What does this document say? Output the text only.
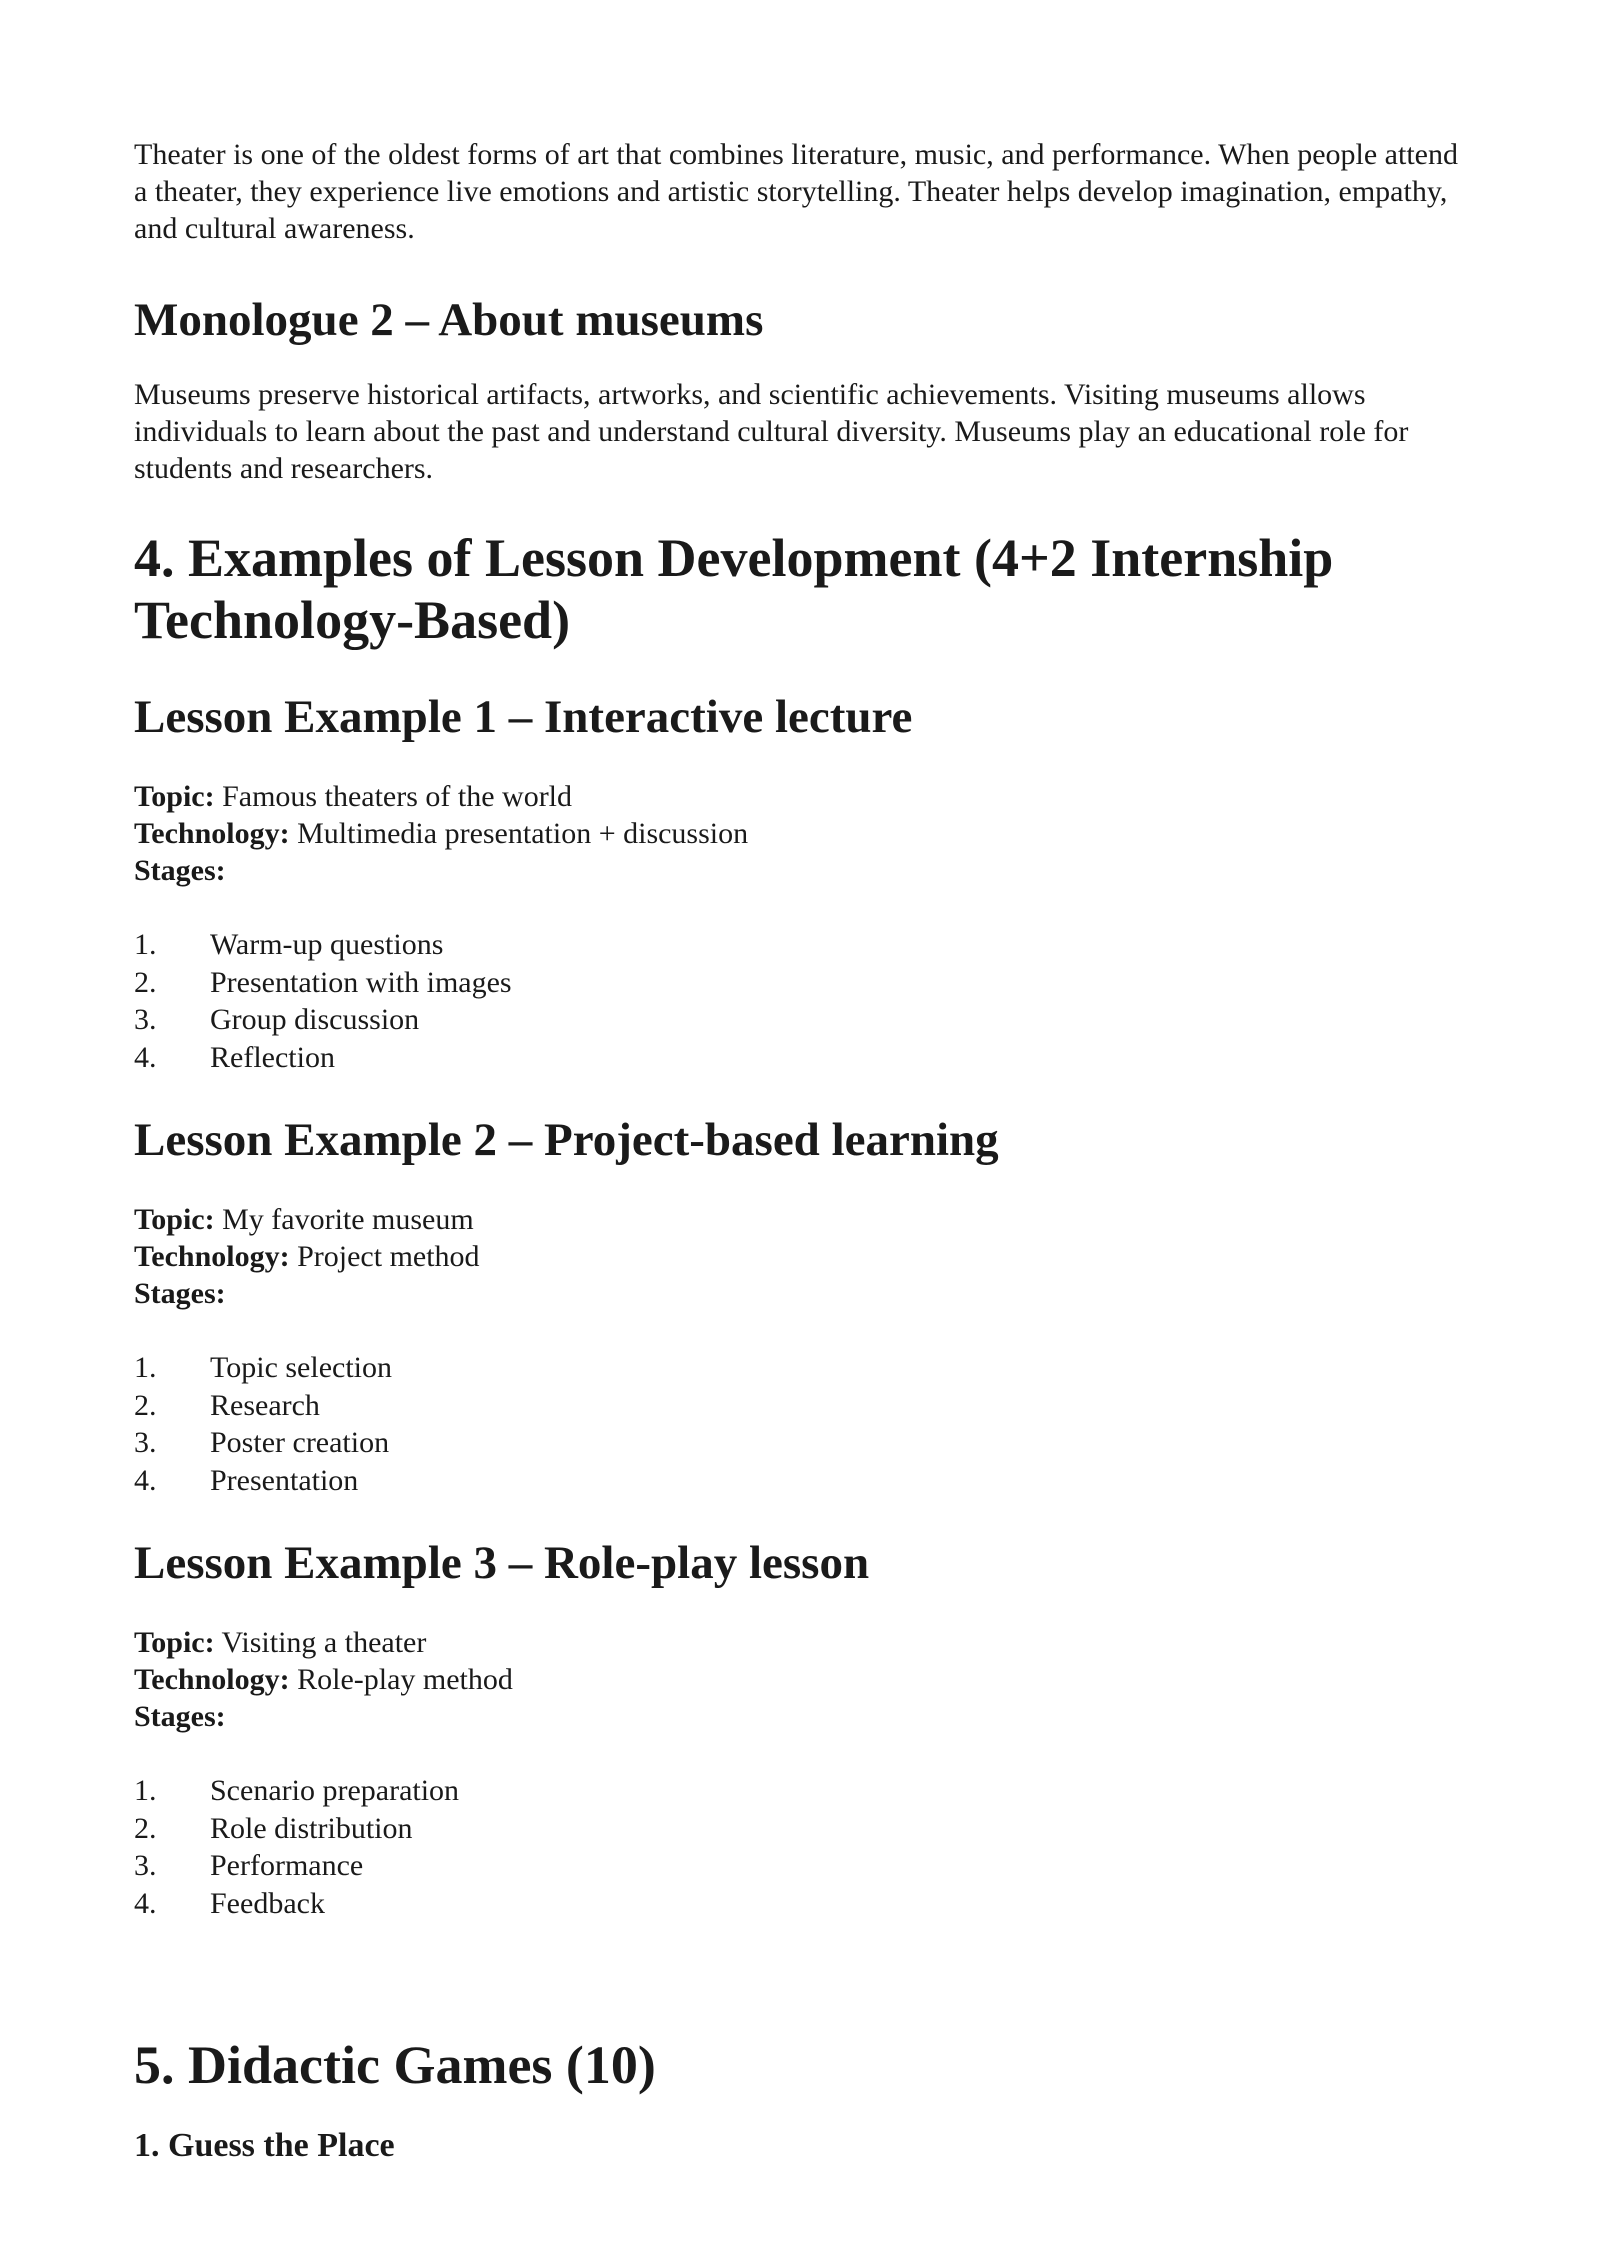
Theater is one of the oldest forms of art that combines literature, music, and performance. When people attend a theater, they experience live emotions and artistic storytelling. Theater helps develop imagination, empathy, and cultural awareness.

Monologue 2 – About museums

Museums preserve historical artifacts, artworks, and scientific achievements. Visiting museums allows individuals to learn about the past and understand cultural diversity. Museums play an educational role for students and researchers.

4. Examples of Lesson Development (4+2 Internship Technology-Based)
Lesson Example 1 – Interactive lecture

Topic: Famous theaters of the world

Technology: Multimedia presentation + discussion

Stages:

1.	Warm-up questions
2.	Presentation with images
3.	Group discussion
4.	Reflection
Lesson Example 2 – Project-based learning

Topic: My favorite museum

Technology: Project method

Stages:

1.	Topic selection
2.	Research
3.	Poster creation
4.	Presentation
Lesson Example 3 – Role-play lesson

Topic: Visiting a theater

Technology: Role-play method

Stages:

1.	Scenario preparation
2.	Role distribution
3.	Performance
4.	Feedback
5. Didactic Games (10)
1. Guess the Place
